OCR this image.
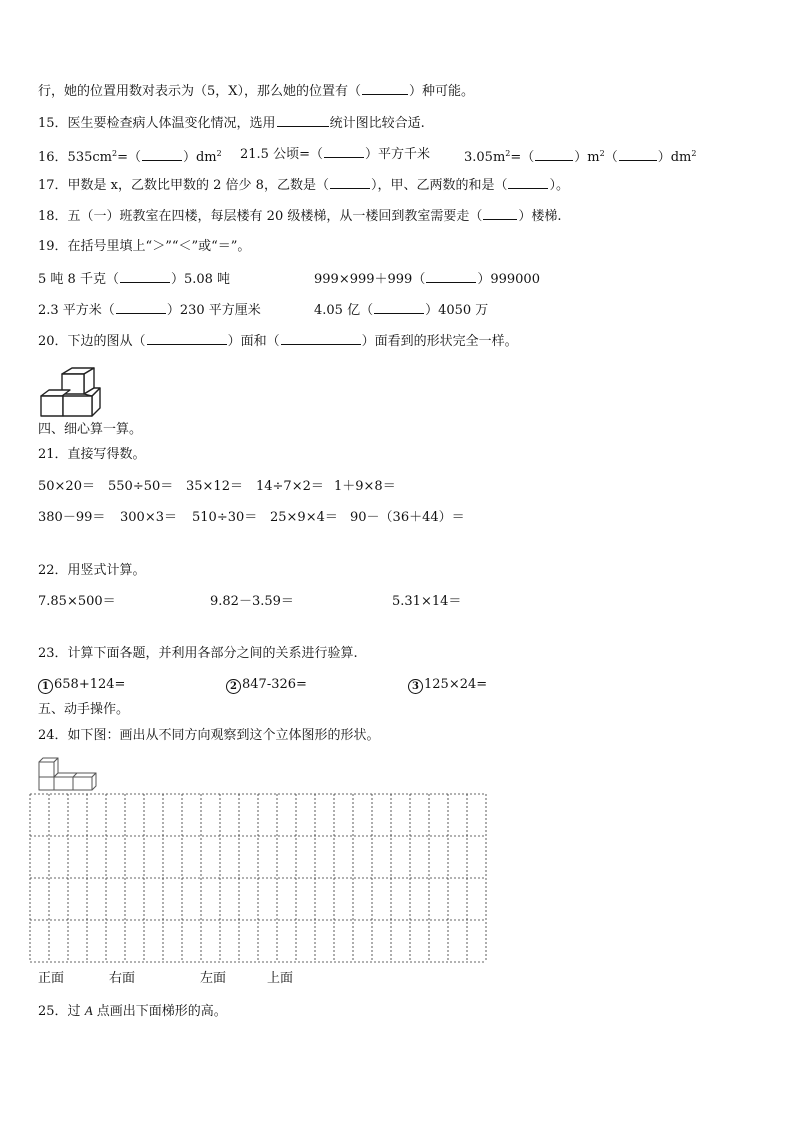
行，她的位置用数对表示为（5，X），那么她的位置有（	）种可能。
15．医生要检查病人体温变化情况，选用	统计图比较合适.
16．$535cm^2=$（	）$dm^2$ 21.5 公顷=（	）平方千米	$3.05m^2=$（	）$m^2$（	）$dm^2$
17．甲数是 x，乙数比甲数的 2 倍少 8，乙数是（	），甲、乙两数的和是（	）。
18．五（一）班教室在四楼，每层楼有 20 级楼梯，从一楼回到教室需要走（	）楼梯.
19．在括号里填上“＞”“＜”或“＝”。
5 吨 8 千克（	）5.08 吨	999×999＋999（	）999000
2.3 平方米（	）230 平方厘米	4.05 亿（	）4050 万
20．下边的图从（	）面和（	）面看到的形状完全一样。
四、细心算一算。
21．直接写得数。
50×20＝ 550÷50＝ 35×12＝ 14÷7×2＝ 1＋9×8＝
380－99＝ 300×3＝ 510÷30＝ 25×9×4＝ 90－（36＋44）＝
22．用竖式计算。
7.85×500＝	9.82－3.59＝	5.31×14＝
23．计算下面各题，并利用各部分之间的关系进行验算.
1 658+124=	2 847-326=	3 125×24=
五、动手操作。
24．如下图：画出从不同方向观察到这个立体图形的形状。
正面	右面	左面	上面
25．过 A 点画出下面梯形的高。
